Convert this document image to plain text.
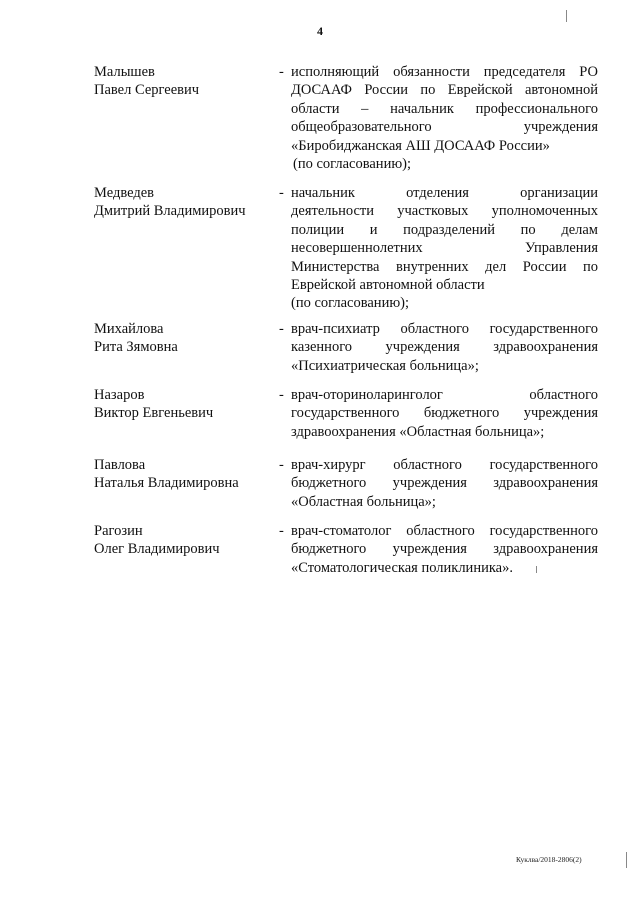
4
Малышев
Павел Сергеевич
- исполняющий обязанности председателя РО
ДОСААФ России по Еврейской автономной
области – начальник профессионального
общеобразовательного учреждения
«Биробиджанская АШ ДОСААФ России»
(по согласованию);
Медведев
Дмитрий Владимирович
- начальник отделения организации
деятельности участковых уполномоченных
полиции и подразделений по делам
несовершеннолетних Управления
Министерства внутренних дел России по
Еврейской автономной области
(по согласованию);
Михайлова
Рита Зямовна
- врач-психиатр областного государственного
казенного учреждения здравоохранения
«Психиатрическая больница»;
Назаров
Виктор Евгеньевич
- врач-оториноларинголог областного
государственного бюджетного учреждения
здравоохранения «Областная больница»;
Павлова
Наталья Владимировна
- врач-хирург областного государственного
бюджетного учреждения здравоохранения
«Областная больница»;
Рагозин
Олег Владимирович
- врач-стоматолог областного государственного
бюджетного учреждения здравоохранения
«Стоматологическая поликлиника».
Куклва/2018-2806(2)
